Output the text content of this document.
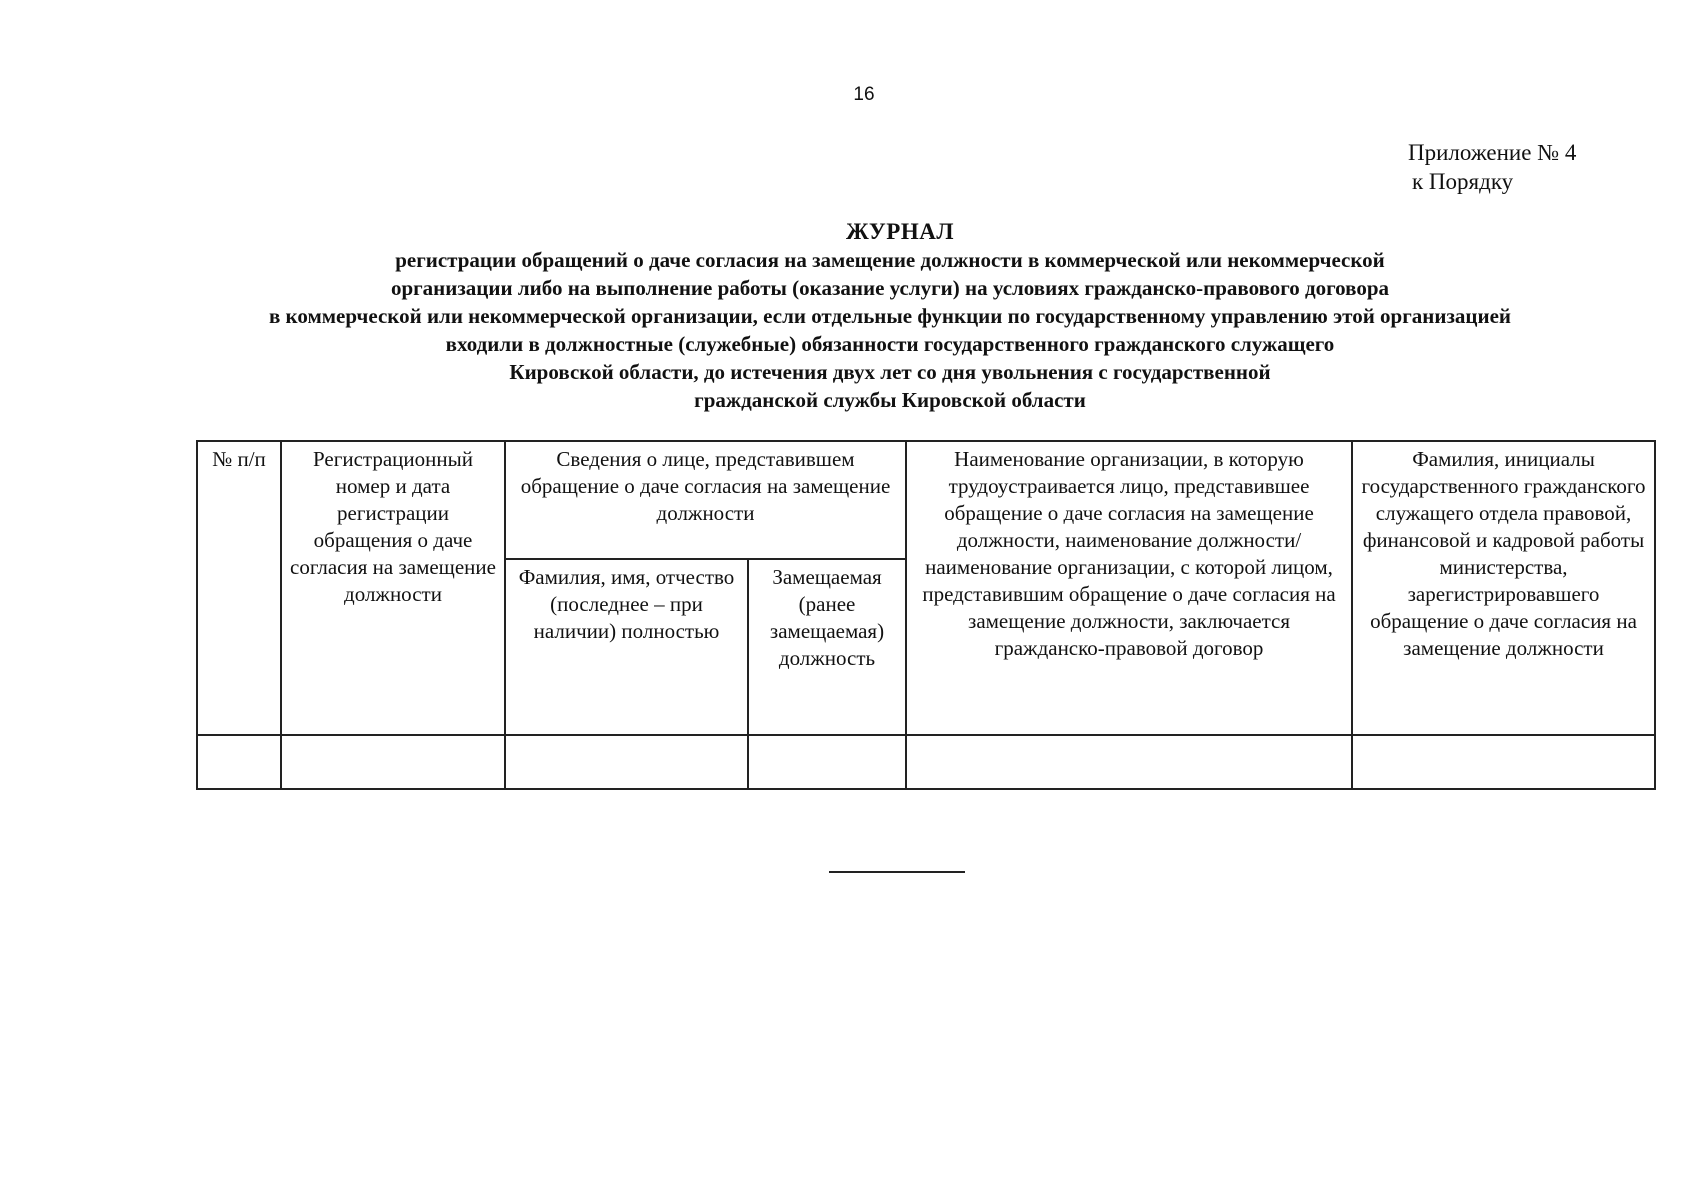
16
Приложение № 4
к Порядку
ЖУРНАЛ
регистрации обращений о даче согласия на замещение должности в коммерческой или некоммерческой
организации либо на выполнение работы (оказание услуги) на условиях гражданско-правового договора
в коммерческой или некоммерческой организации, если отдельные функции по государственному управлению этой организацией
входили в должностные (служебные) обязанности государственного гражданского служащего
Кировской области, до истечения двух лет со дня увольнения с государственной
гражданской службы Кировской области
№ п/п	Регистрационный номер и дата регистрации обращения о даче согласия на замещение должности	Сведения о лице, представившем обращение о даче согласия на замещение должности		Наименование организации, в которую трудоустраивается лицо, представившее обращение о даче согласия на замещение должности, наименование должности/наименование организации, с которой лицом, представившим обращение о даче согласия на замещение должности, заключается гражданско-правовой договор	Фамилия, инициалы государственного гражданского служащего отдела правовой, финансовой и кадровой работы министерства, зарегистрировавшего обращение о даче согласия на замещение должности
		Фамилия, имя, отчество (последнее – при наличии) полностью	Замещаемая (ранее замещаемая) должность		
